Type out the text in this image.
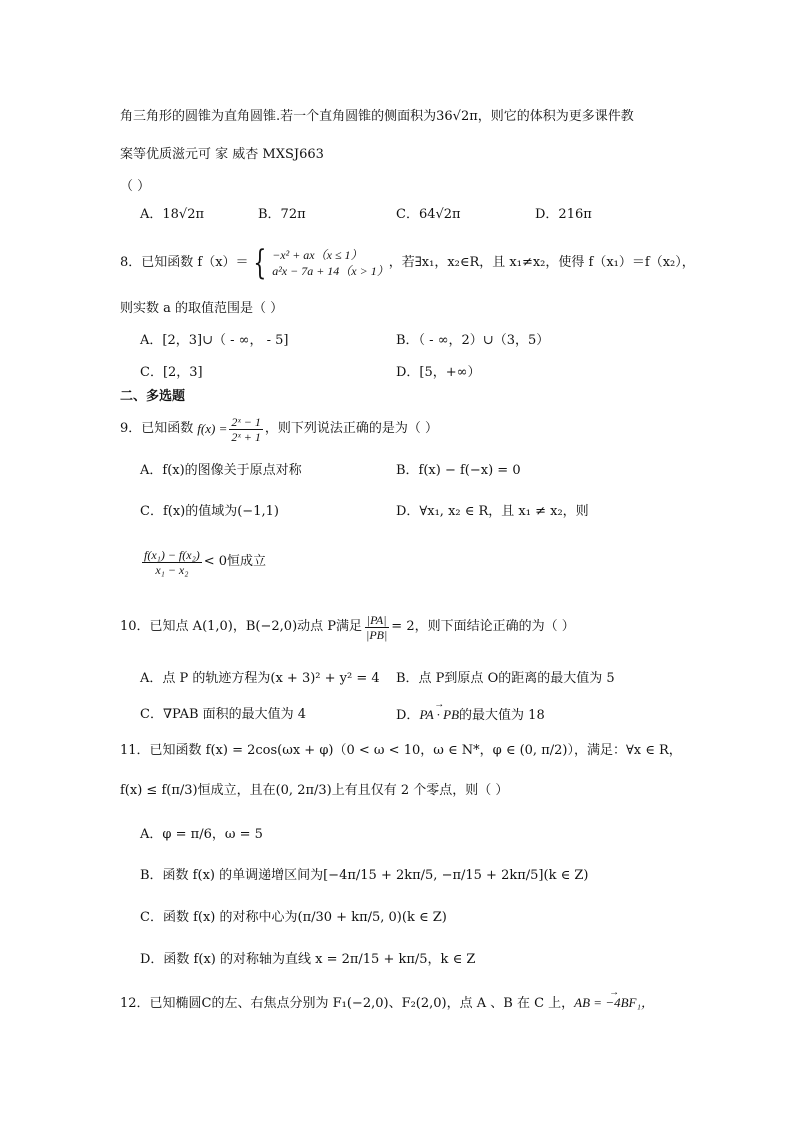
角三角形的圆锥为直角圆锥.若一个直角圆锥的侧面积为36√2π，则它的体积为更多课件教
案等优质滋元可 家 威杏 MXSJ663
（ ）
A．18√2π	B．72π	C．64√2π	D．216π
8．已知函数 f（x）＝ { −x² + ax（x ≤ 1）
a²x − 7a + 14（x > 1）
，若∃x₁，x₂∈R，且 x₁≠x₂，使得 f（x₁）＝f（x₂），
则实数 a 的取值范围是（ ）
A．[2，3]∪（ - ∞， - 5]	B．（ - ∞，2）∪（3，5）
C．[2，3]	D．[5，+∞）
二、多选题
9．已知函数 $f(x) = \frac{\text{2ˣ − 1}}{\text{2ˣ + 1}}$ ，则下列说法正确的是为（ ）
A．f(x)的图像关于原点对称	B．f(x) − f(−x) = 0
C．f(x)的值域为(−1,1)	D．∀x₁, x₂ ∈ R，且 x₁ ≠ x₂，则
$\frac{\text{f(x₁) − f(x₂)}}{\text{x₁ − x₂}} < 0$恒成立
10．已知点 A(1,0)，B(−2,0)动点 P满足 $\frac{|PA|}{|PB|} = 2$，则下面结论正确的为（ ）
A．点 P 的轨迹方程为(x + 3)² + y² = 4 B．点 P到原点 O的距离的最大值为 5
C．∇PAB 面积的最大值为 4	D．→ PA · PB的最大值为 18
11．已知函数 f(x) = 2cos(ωx + φ)（0 < ω < 10，ω ∈ N*，φ ∈ (0, π/2)），满足：∀x ∈ R，
f(x) ≤ f(π/3)恒成立，且在(0, 2π/3)上有且仅有 2 个零点，则（ ）
A．φ = π/6，ω = 5
B．函数 f(x) 的单调递增区间为[−4π/15 + 2kπ/5, −π/15 + 2kπ/5](k ∈ Z)
C．函数 f(x) 的对称中心为(π/30 + kπ/5, 0)(k ∈ Z)
D．函数 f(x) 的对称轴为直线 x = 2π/15 + kπ/5，k ∈ Z
12．已知椭圆C的左、右焦点分别为 F₁(−2,0)、F₂(2,0)，点 A 、B 在 C 上，→ AB = −4BF₁，
